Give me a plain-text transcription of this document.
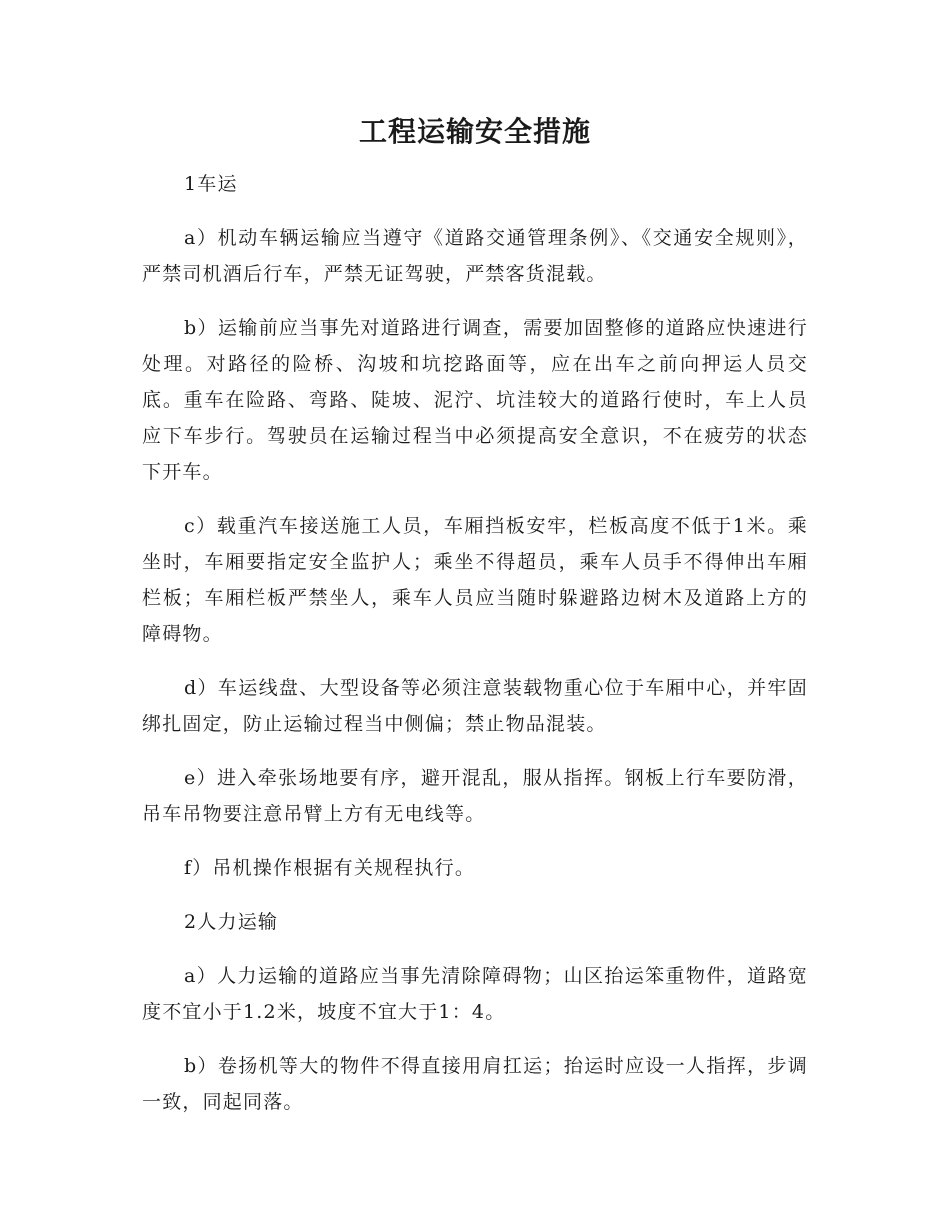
工程运输安全措施

1车运

a）机动车辆运输应当遵守《道路交通管理条例》、《交通安全规则》，严禁司机酒后行车，严禁无证驾驶，严禁客货混载。

b）运输前应当事先对道路进行调查，需要加固整修的道路应快速进行处理。对路径的险桥、沟坡和坑挖路面等，应在出车之前向押运人员交底。重车在险路、弯路、陡坡、泥泞、坑洼较大的道路行使时，车上人员应下车步行。驾驶员在运输过程当中必须提高安全意识，不在疲劳的状态下开车。

c）载重汽车接送施工人员，车厢挡板安牢，栏板高度不低于1米。乘坐时，车厢要指定安全监护人；乘坐不得超员，乘车人员手不得伸出车厢栏板；车厢栏板严禁坐人，乘车人员应当随时躲避路边树木及道路上方的障碍物。

d）车运线盘、大型设备等必须注意装载物重心位于车厢中心，并牢固绑扎固定，防止运输过程当中侧偏；禁止物品混装。

e）进入牵张场地要有序，避开混乱，服从指挥。钢板上行车要防滑，吊车吊物要注意吊臂上方有无电线等。

f）吊机操作根据有关规程执行。

2人力运输

a）人力运输的道路应当事先清除障碍物；山区抬运笨重物件，道路宽度不宜小于1.2米，坡度不宜大于1：4。

b）卷扬机等大的物件不得直接用肩扛运；抬运时应设一人指挥，步调一致，同起同落。
